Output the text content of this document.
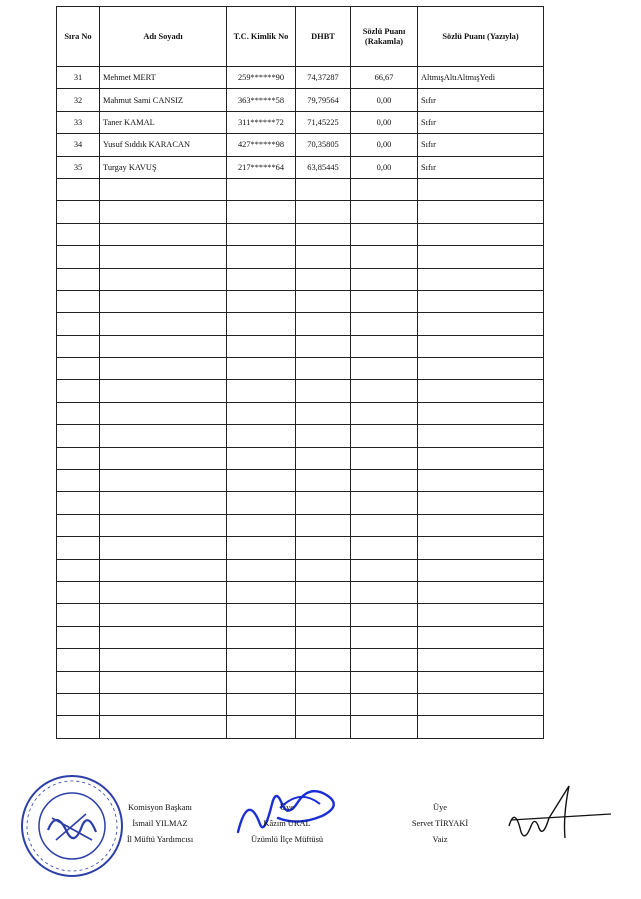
Sıra No	Adı Soyadı	T.C. Kimlik No	DHBT	Sözlü Puanı (Rakamla)	Sözlü Puanı (Yazıyla)
31	Mehmet MERT	259******90	74,37287	66,67	AltmışAltıAltmışYedi
32	Mahmut Sami CANSIZ	363******58	79,79564	0,00	Sıfır
33	Taner KAMAL	311******72	71,45225	0,00	Sıfır
34	Yusuf Sıddık KARACAN	427******98	70,35805	0,00	Sıfır
35	Turgay KAVUŞ	217******64	63,85445	0,00	Sıfır

Komisyon Başkanı
İsmail YILMAZ
İl Müftü Yardımcısı
Üye
Kâzım URAL
Üzümlü İlçe Müftüsü
Üye
Servet TİRYAKİ
Vaiz
